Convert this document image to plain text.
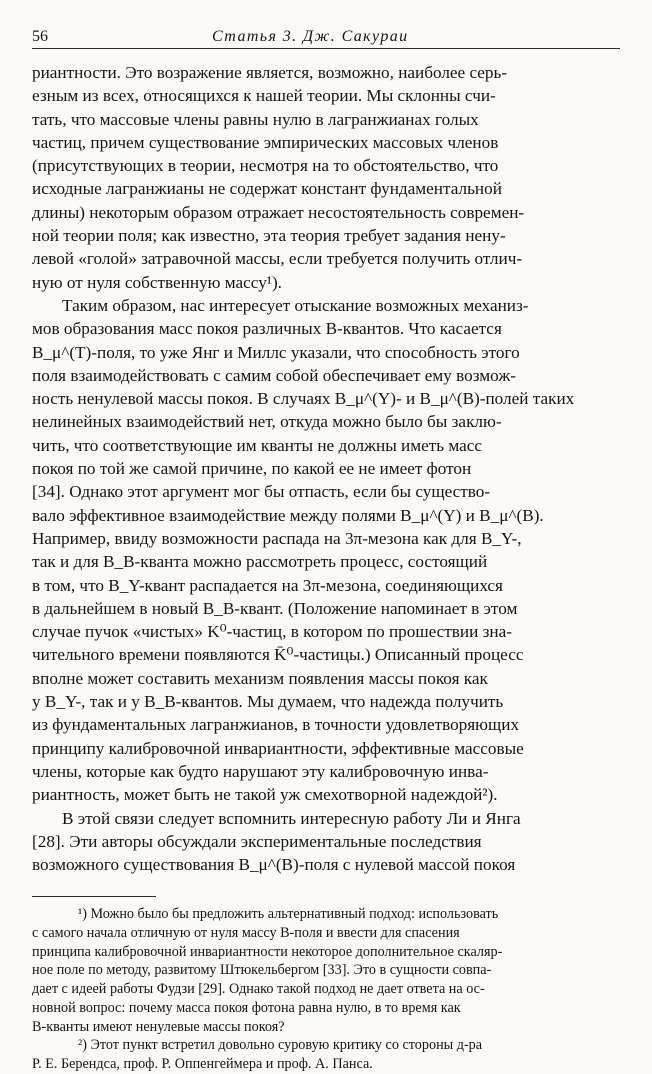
56	Статья 3. Дж. Сакураи
риантности. Это возражение является, возможно, наиболее серь-
езным из всех, относящихся к нашей теории. Мы склонны счи-
тать, что массовые члены равны нулю в лагранжианах голых
частиц, причем существование эмпирических массовых членов
(присутствующих в теории, несмотря на то обстоятельство, что
исходные лагранжианы не содержат констант фундаментальной
длины) некоторым образом отражает несостоятельность современ-
ной теории поля; как известно, эта теория требует задания нену-
левой «голой» затравочной массы, если требуется получить отлич-
ную от нуля собственную массу¹).
Таким образом, нас интересует отыскание возможных механиз-
мов образования масс покоя различных B-квантов. Что касается
B_μ^(T)-поля, то уже Янг и Миллс указали, что способность этого
поля взаимодействовать с самим собой обеспечивает ему возмож-
ность ненулевой массы покоя. В случаях B_μ^(Y)- и B_μ^(B)-полей таких
нелинейных взаимодействий нет, откуда можно было бы заклю-
чить, что соответствующие им кванты не должны иметь масс
покоя по той же самой причине, по какой ее не имеет фотон
[34]. Однако этот аргумент мог бы отпасть, если бы существо-
вало эффективное взаимодействие между полями B_μ^(Y) и B_μ^(B).
Например, ввиду возможности распада на 3π-мезона как для B_Y-,
так и для B_B-кванта можно рассмотреть процесс, состоящий
в том, что B_Y-квант распадается на 3π-мезона, соединяющихся
в дальнейшем в новый B_B-квант. (Положение напоминает в этом
случае пучок «чистых» K⁰-частиц, в котором по прошествии зна-
чительного времени появляются K̄⁰-частицы.) Описанный процесс
вполне может составить механизм появления массы покоя как
у B_Y-, так и у B_B-квантов. Мы думаем, что надежда получить
из фундаментальных лагранжианов, в точности удовлетворяющих
принципу калибровочной инвариантности, эффективные массовые
члены, которые как будто нарушают эту калибровочную инва-
риантность, может быть не такой уж смехотворной надеждой²).
В этой связи следует вспомнить интересную работу Ли и Янга
[28]. Эти авторы обсуждали экспериментальные последствия
возможного существования B_μ^(B)-поля с нулевой массой покоя
¹) Можно было бы предложить альтернативный подход: использовать
с самого начала отличную от нуля массу B-поля и ввести для спасения
принципа калибровочной инвариантности некоторое дополнительное скаляр-
ное поле по методу, развитому Штюкельбергом [33]. Это в сущности совпа-
дает с идеей работы Фудзи [29]. Однако такой подход не дает ответа на ос-
новной вопрос: почему масса покоя фотона равна нулю, в то время как
B-кванты имеют ненулевые массы покоя?
²) Этот пункт встретил довольно суровую критику со стороны д-ра
Р. Е. Берендса, проф. Р. Оппенгеймера и проф. А. Панса.
